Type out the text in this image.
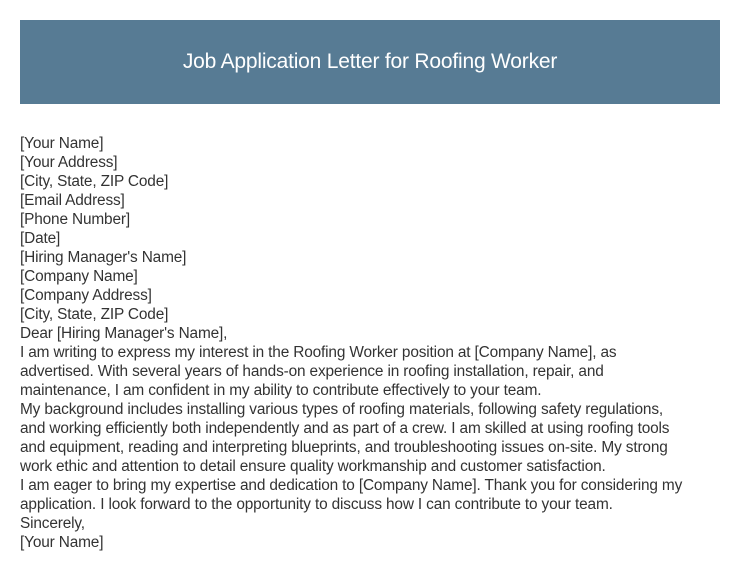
Job Application Letter for Roofing Worker
[Your Name]
[Your Address]
[City, State, ZIP Code]
[Email Address]
[Phone Number]
[Date]
[Hiring Manager's Name]
[Company Name]
[Company Address]
[City, State, ZIP Code]
Dear [Hiring Manager's Name],
I am writing to express my interest in the Roofing Worker position at [Company Name], as
advertised. With several years of hands-on experience in roofing installation, repair, and
maintenance, I am confident in my ability to contribute effectively to your team.
My background includes installing various types of roofing materials, following safety regulations,
and working efficiently both independently and as part of a crew. I am skilled at using roofing tools
and equipment, reading and interpreting blueprints, and troubleshooting issues on-site. My strong
work ethic and attention to detail ensure quality workmanship and customer satisfaction.
I am eager to bring my expertise and dedication to [Company Name]. Thank you for considering my
application. I look forward to the opportunity to discuss how I can contribute to your team.
Sincerely,
[Your Name]
